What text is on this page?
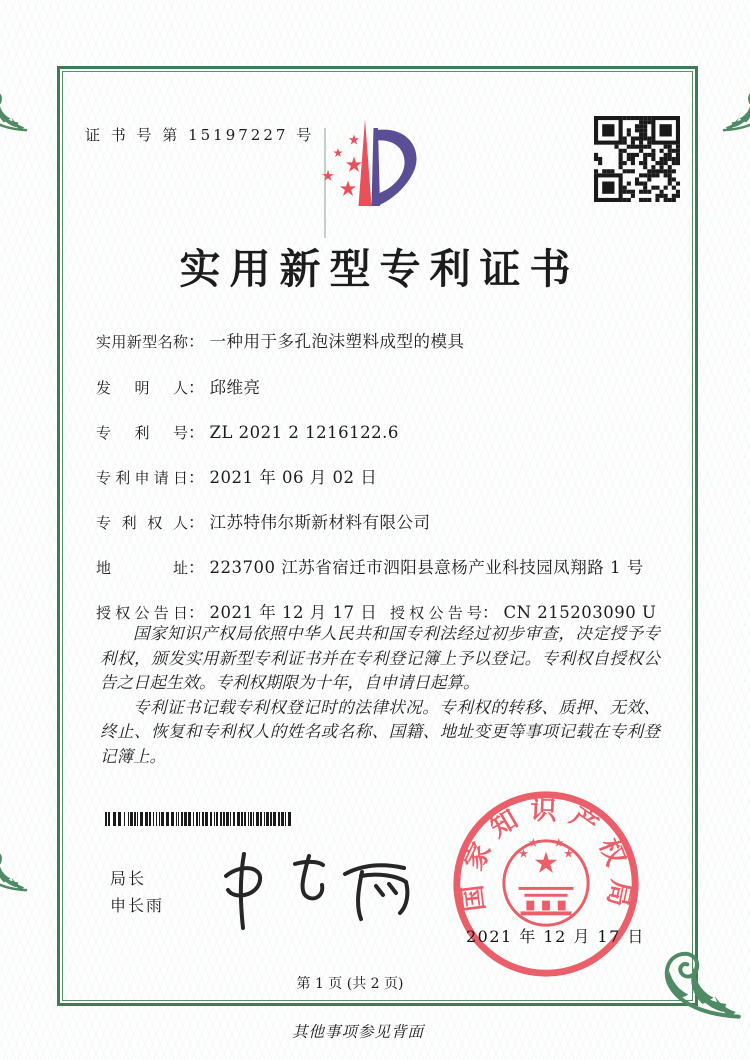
证 书 号 第 15197227 号
实用新型专利证书
实用新型名称： 一种用于多孔泡沫塑料成型的模具
发明人： 邱维亮
专利号： ZL 2021 2 1216122.6
专利申请日： 2021 年 06 月 02 日
专利权人： 江苏特伟尔斯新材料有限公司
地址： 223700 江苏省宿迁市泗阳县意杨产业科技园凤翔路 1 号
授权公告日： 2021 年 12 月 17 日 授权公告号： CN 215203090 U

国家知识产权局依照中华人民共和国专利法经过初步审查，决定授予专利权，颁发实用新型专利证书并在专利登记簿上予以登记。专利权自授权公告之日起生效。专利权期限为十年，自申请日起算。

专利证书记载专利权登记时的法律状况。专利权的转移、质押、无效、终止、恢复和专利权人的姓名或名称、国籍、地址变更等事项记载在专利登记簿上。

局长
申长雨	国家知识产权局
2021 年 12 月 17 日
第 1 页 (共 2 页)
其他事项参见背面
